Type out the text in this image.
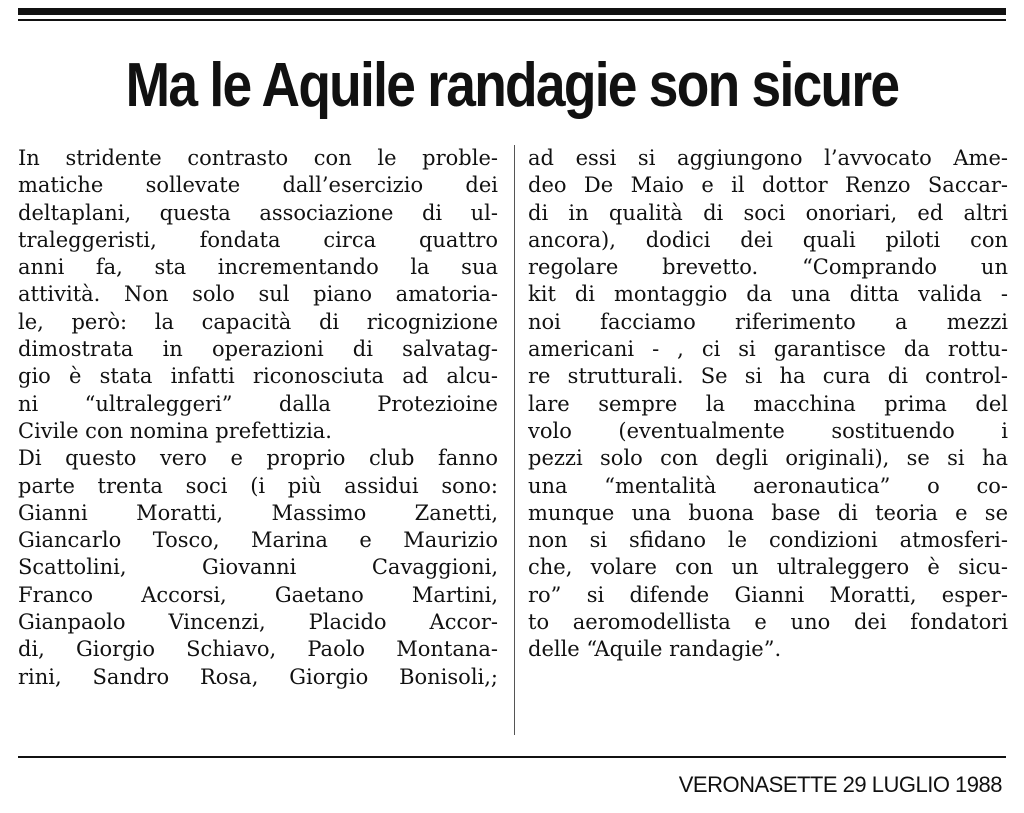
Ma le Aquile randagie son sicure
In stridente contrasto con le proble-
matiche sollevate dall’esercizio dei
deltaplani, questa associazione di ul-
traleggeristi, fondata circa quattro
anni fa, sta incrementando la sua
attività. Non solo sul piano amatoria-
le, però: la capacità di ricognizione
dimostrata in operazioni di salvatag-
gio è stata infatti riconosciuta ad alcu-
ni “ultraleggeri” dalla Protezioine
Civile con nomina prefettizia.
Di questo vero e proprio club fanno
parte trenta soci (i più assidui sono:
Gianni Moratti, Massimo Zanetti,
Giancarlo Tosco, Marina e Maurizio
Scattolini, Giovanni Cavaggioni,
Franco Accorsi, Gaetano Martini,
Gianpaolo Vincenzi, Placido Accor-
di, Giorgio Schiavo, Paolo Montana-
rini, Sandro Rosa, Giorgio Bonisoli,;
ad essi si aggiungono l’avvocato Ame-
deo De Maio e il dottor Renzo Saccar-
di in qualità di soci onoriari, ed altri
ancora), dodici dei quali piloti con
regolare brevetto. “Comprando un
kit di montaggio da una ditta valida -
noi facciamo riferimento a mezzi
americani - , ci si garantisce da rottu-
re strutturali. Se si ha cura di control-
lare sempre la macchina prima del
volo (eventualmente sostituendo i
pezzi solo con degli originali), se si ha
una “mentalità aeronautica” o co-
munque una buona base di teoria e se
non si sfidano le condizioni atmosferi-
che, volare con un ultraleggero è sicu-
ro” si difende Gianni Moratti, esper-
to aeromodellista e uno dei fondatori
delle “Aquile randagie”.
VERONASETTE 29 LUGLIO 1988
